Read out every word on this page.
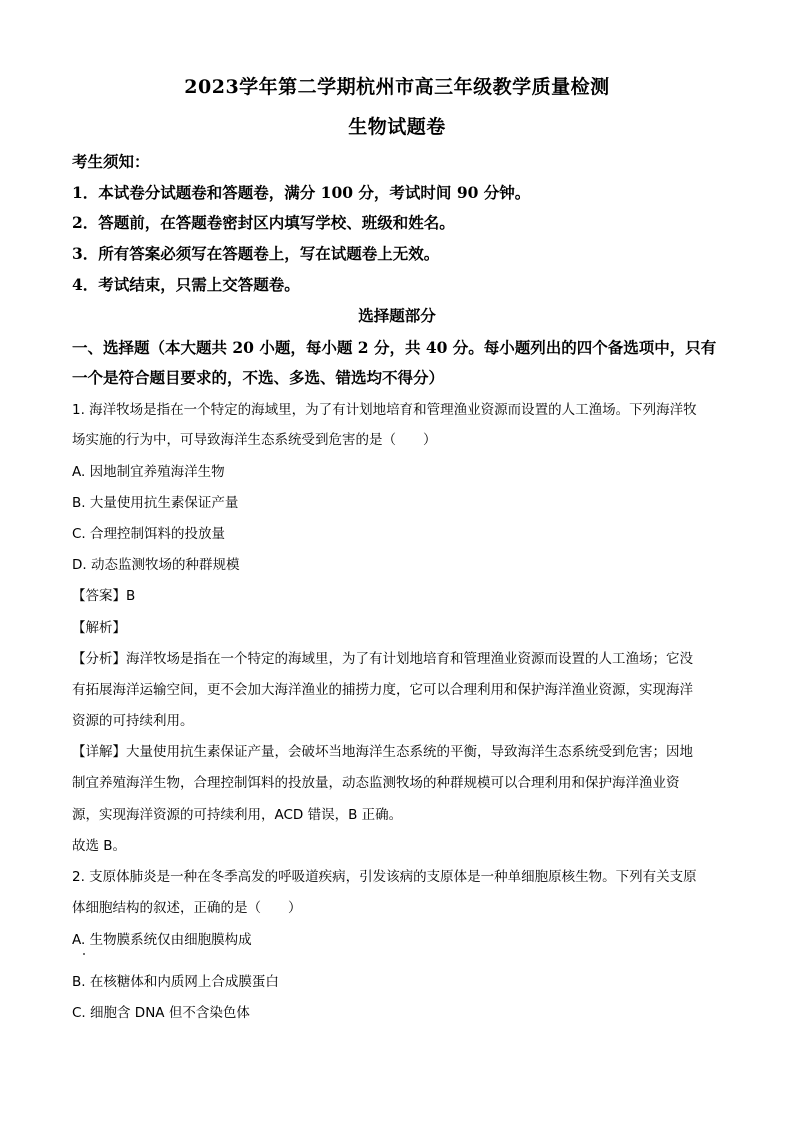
2023学年第二学期杭州市高三年级教学质量检测
生物试题卷
考生须知：
1．本试卷分试题卷和答题卷，满分 100 分，考试时间 90 分钟。
2．答题前，在答题卷密封区内填写学校、班级和姓名。
3．所有答案必须写在答题卷上，写在试题卷上无效。
4．考试结束，只需上交答题卷。
选择题部分
一、选择题（本大题共 20 小题，每小题 2 分，共 40 分。每小题列出的四个备选项中，只有
一个是符合题目要求的，不选、多选、错选均不得分）
1. 海洋牧场是指在一个特定的海域里，为了有计划地培育和管理渔业资源而设置的人工渔场。下列海洋牧
场实施的行为中，可导致海洋生态系统受到危害的是（　　）
A. 因地制宜养殖海洋生物
B. 大量使用抗生素保证产量
C. 合理控制饵料的投放量
D. 动态监测牧场的种群规模
【答案】B
【解析】
【分析】海洋牧场是指在一个特定的海域里，为了有计划地培育和管理渔业资源而设置的人工渔场；它没
有拓展海洋运输空间，更不会加大海洋渔业的捕捞力度，它可以合理利用和保护海洋渔业资源，实现海洋
资源的可持续利用。
【详解】大量使用抗生素保证产量，会破坏当地海洋生态系统的平衡，导致海洋生态系统受到危害；因地
制宜养殖海洋生物，合理控制饵料的投放量，动态监测牧场的种群规模可以合理利用和保护海洋渔业资
源，实现海洋资源的可持续利用，ACD 错误，B 正确。
故选 B。
2. 支原体肺炎是一种在冬季高发的呼吸道疾病，引发该病的支原体是一种单细胞原核生物。下列有关支原
体细胞结构的叙述，正确的是（　　）
A. 生物膜系统仅由细胞膜构成
B. 在核糖体和内质网上合成膜蛋白
C. 细胞含 DNA 但不含染色体
